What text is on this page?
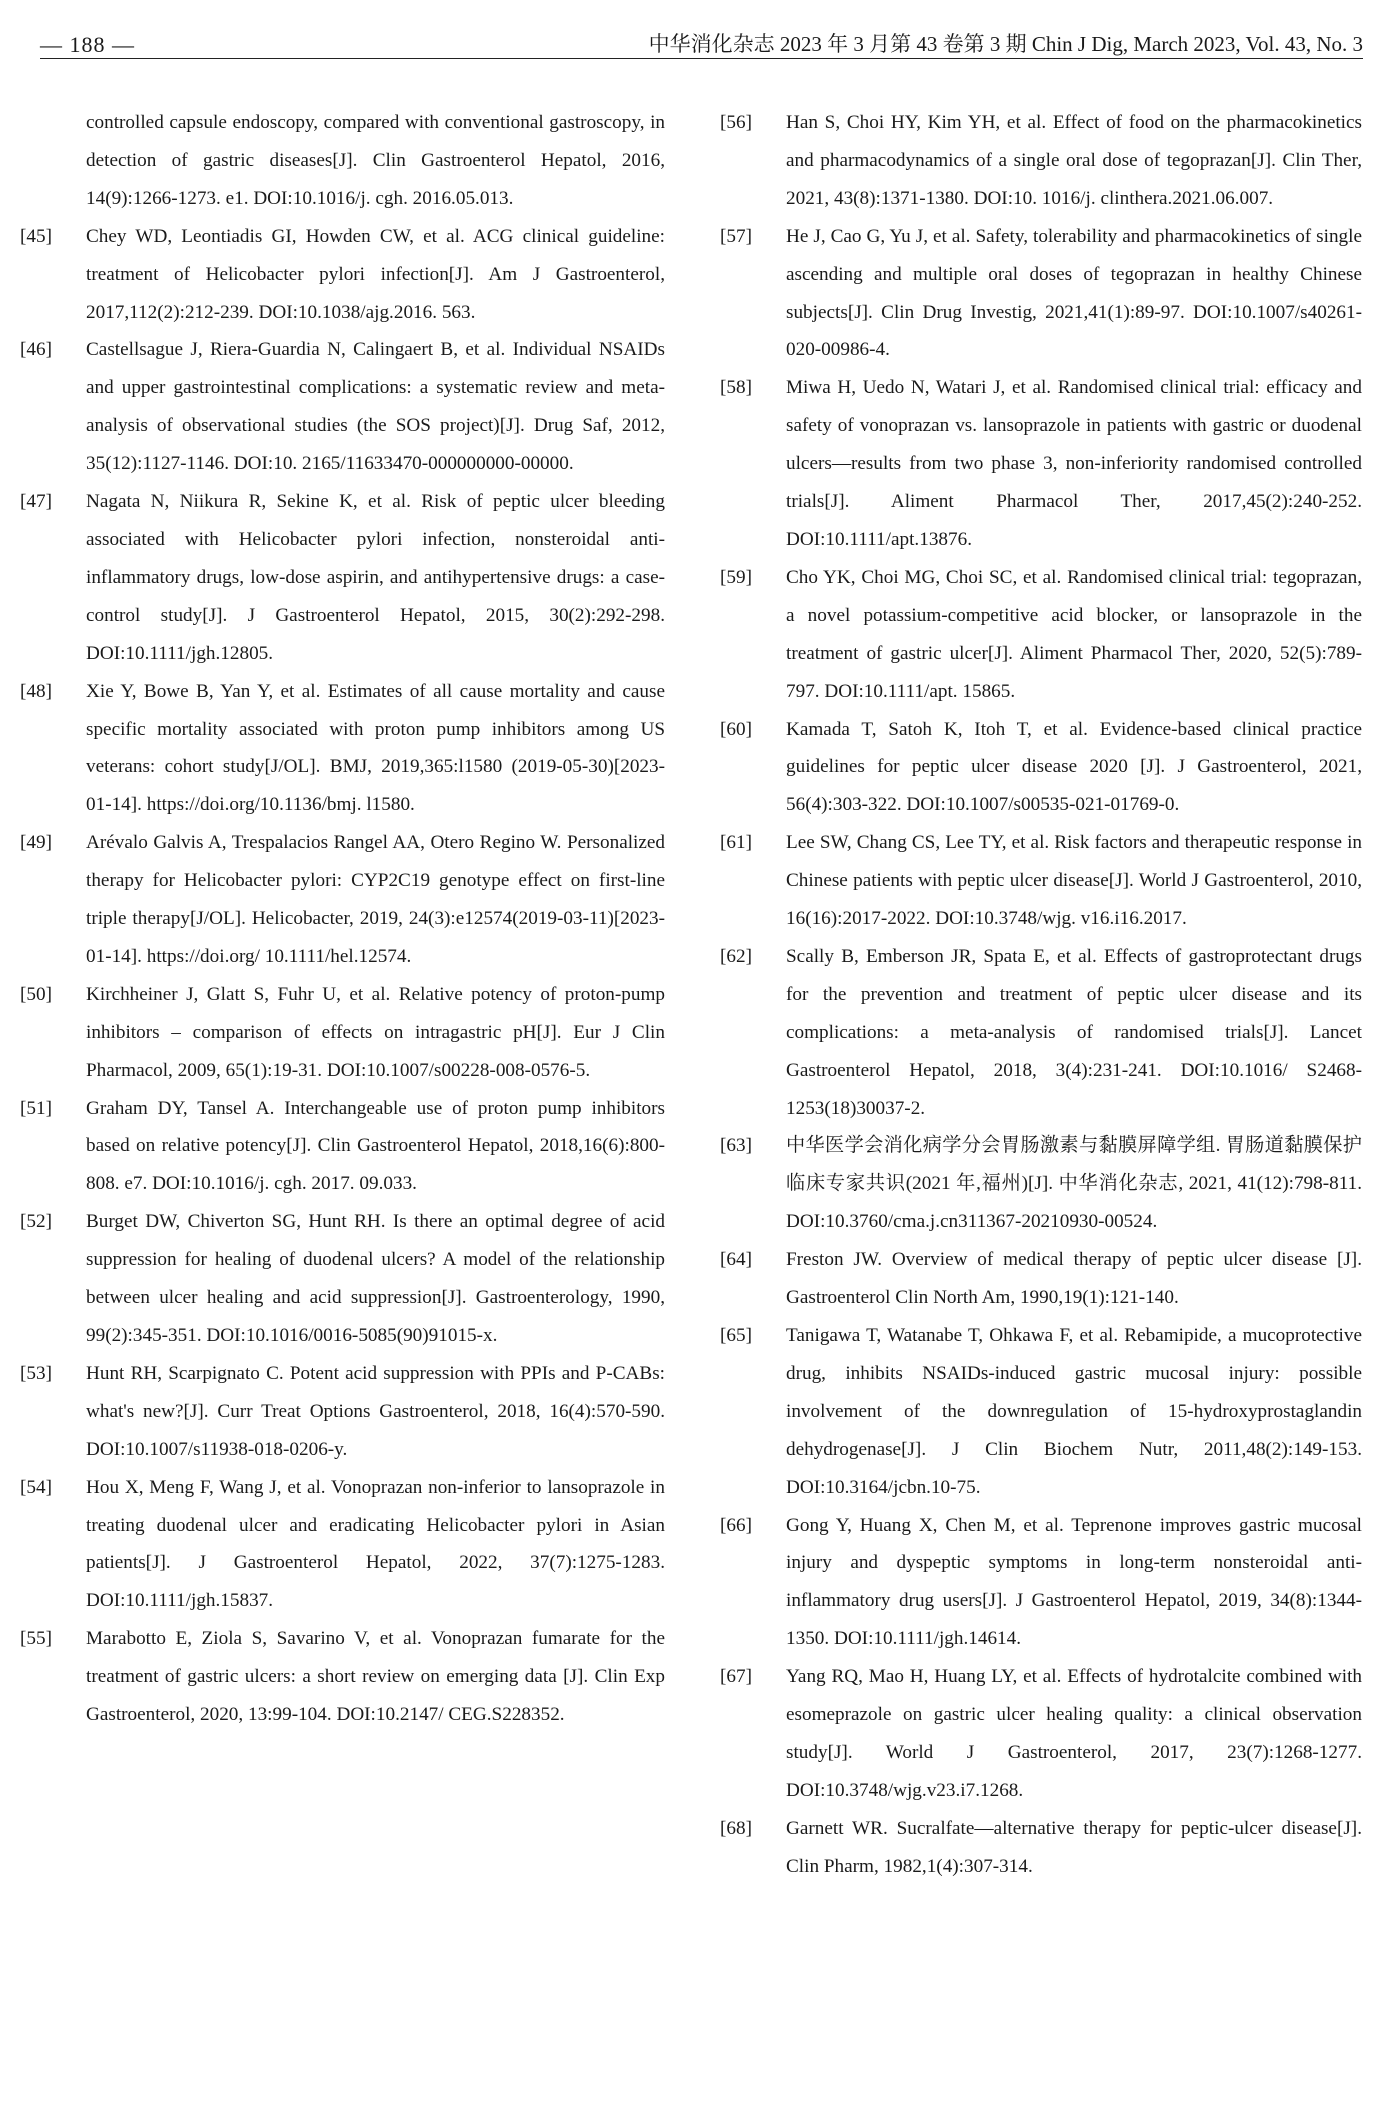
— 188 —	中华消化杂志 2023 年 3 月第 43 卷第 3 期 Chin J Dig, March 2023, Vol. 43, No. 3
controlled capsule endoscopy, compared with conventional gastroscopy, in detection of gastric diseases[J]. Clin Gastroenterol Hepatol, 2016, 14(9):1266-1273. e1. DOI:10.1016/j. cgh. 2016.05.013.
[45] Chey WD, Leontiadis GI, Howden CW, et al. ACG clinical guideline: treatment of Helicobacter pylori infection[J]. Am J Gastroenterol, 2017,112(2):212-239. DOI:10.1038/ajg.2016. 563.
[46] Castellsague J, Riera-Guardia N, Calingaert B, et al. Individual NSAIDs and upper gastrointestinal complications: a systematic review and meta-analysis of observational studies (the SOS project)[J]. Drug Saf, 2012, 35(12):1127-1146. DOI:10. 2165/11633470-000000000-00000.
[47] Nagata N, Niikura R, Sekine K, et al. Risk of peptic ulcer bleeding associated with Helicobacter pylori infection, nonsteroidal anti-inflammatory drugs, low-dose aspirin, and antihypertensive drugs: a case-control study[J]. J Gastroenterol Hepatol, 2015, 30(2):292-298. DOI:10.1111/jgh.12805.
[48] Xie Y, Bowe B, Yan Y, et al. Estimates of all cause mortality and cause specific mortality associated with proton pump inhibitors among US veterans: cohort study[J/OL]. BMJ, 2019,365:l1580 (2019-05-30)[2023-01-14]. https://doi.org/10.1136/bmj. l1580.
[49] Arévalo Galvis A, Trespalacios Rangel AA, Otero Regino W. Personalized therapy for Helicobacter pylori: CYP2C19 genotype effect on first-line triple therapy[J/OL]. Helicobacter, 2019, 24(3):e12574(2019-03-11)[2023-01-14]. https://doi.org/ 10.1111/hel.12574.
[50] Kirchheiner J, Glatt S, Fuhr U, et al. Relative potency of proton-pump inhibitors – comparison of effects on intragastric pH[J]. Eur J Clin Pharmacol, 2009, 65(1):19-31. DOI:10.1007/s00228-008-0576-5.
[51] Graham DY, Tansel A. Interchangeable use of proton pump inhibitors based on relative potency[J]. Clin Gastroenterol Hepatol, 2018,16(6):800-808. e7. DOI:10.1016/j. cgh. 2017. 09.033.
[52] Burget DW, Chiverton SG, Hunt RH. Is there an optimal degree of acid suppression for healing of duodenal ulcers? A model of the relationship between ulcer healing and acid suppression[J]. Gastroenterology, 1990, 99(2):345-351. DOI:10.1016/0016-5085(90)91015-x.
[53] Hunt RH, Scarpignato C. Potent acid suppression with PPIs and P-CABs: what's new?[J]. Curr Treat Options Gastroenterol, 2018, 16(4):570-590. DOI:10.1007/s11938-018-0206-y.
[54] Hou X, Meng F, Wang J, et al. Vonoprazan non-inferior to lansoprazole in treating duodenal ulcer and eradicating Helicobacter pylori in Asian patients[J]. J Gastroenterol Hepatol, 2022, 37(7):1275-1283. DOI:10.1111/jgh.15837.
[55] Marabotto E, Ziola S, Savarino V, et al. Vonoprazan fumarate for the treatment of gastric ulcers: a short review on emerging data [J]. Clin Exp Gastroenterol, 2020, 13:99-104. DOI:10.2147/ CEG.S228352.
[56] Han S, Choi HY, Kim YH, et al. Effect of food on the pharmacokinetics and pharmacodynamics of a single oral dose of tegoprazan[J]. Clin Ther, 2021, 43(8):1371-1380. DOI:10. 1016/j. clinthera.2021.06.007.
[57] He J, Cao G, Yu J, et al. Safety, tolerability and pharmacokinetics of single ascending and multiple oral doses of tegoprazan in healthy Chinese subjects[J]. Clin Drug Investig, 2021,41(1):89-97. DOI:10.1007/s40261-020-00986-4.
[58] Miwa H, Uedo N, Watari J, et al. Randomised clinical trial: efficacy and safety of vonoprazan vs. lansoprazole in patients with gastric or duodenal ulcers—results from two phase 3, non-inferiority randomised controlled trials[J]. Aliment Pharmacol Ther, 2017,45(2):240-252. DOI:10.1111/apt.13876.
[59] Cho YK, Choi MG, Choi SC, et al. Randomised clinical trial: tegoprazan, a novel potassium-competitive acid blocker, or lansoprazole in the treatment of gastric ulcer[J]. Aliment Pharmacol Ther, 2020, 52(5):789-797. DOI:10.1111/apt. 15865.
[60] Kamada T, Satoh K, Itoh T, et al. Evidence-based clinical practice guidelines for peptic ulcer disease 2020 [J]. J Gastroenterol, 2021, 56(4):303-322. DOI:10.1007/s00535-021-01769-0.
[61] Lee SW, Chang CS, Lee TY, et al. Risk factors and therapeutic response in Chinese patients with peptic ulcer disease[J]. World J Gastroenterol, 2010, 16(16):2017-2022. DOI:10.3748/wjg. v16.i16.2017.
[62] Scally B, Emberson JR, Spata E, et al. Effects of gastroprotectant drugs for the prevention and treatment of peptic ulcer disease and its complications: a meta-analysis of randomised trials[J]. Lancet Gastroenterol Hepatol, 2018, 3(4):231-241. DOI:10.1016/ S2468-1253(18)30037-2.
[63] 中华医学会消化病学分会胃肠激素与黏膜屏障学组. 胃肠道黏膜保护临床专家共识(2021 年,福州)[J]. 中华消化杂志, 2021, 41(12):798-811. DOI:10.3760/cma.j.cn311367-20210930-00524.
[64] Freston JW. Overview of medical therapy of peptic ulcer disease [J]. Gastroenterol Clin North Am, 1990,19(1):121-140.
[65] Tanigawa T, Watanabe T, Ohkawa F, et al. Rebamipide, a mucoprotective drug, inhibits NSAIDs-induced gastric mucosal injury: possible involvement of the downregulation of 15-hydroxyprostaglandin dehydrogenase[J]. J Clin Biochem Nutr, 2011,48(2):149-153. DOI:10.3164/jcbn.10-75.
[66] Gong Y, Huang X, Chen M, et al. Teprenone improves gastric mucosal injury and dyspeptic symptoms in long-term nonsteroidal anti-inflammatory drug users[J]. J Gastroenterol Hepatol, 2019, 34(8):1344-1350. DOI:10.1111/jgh.14614.
[67] Yang RQ, Mao H, Huang LY, et al. Effects of hydrotalcite combined with esomeprazole on gastric ulcer healing quality: a clinical observation study[J]. World J Gastroenterol, 2017, 23(7):1268-1277. DOI:10.3748/wjg.v23.i7.1268.
[68] Garnett WR. Sucralfate—alternative therapy for peptic-ulcer disease[J]. Clin Pharm, 1982,1(4):307-314.
